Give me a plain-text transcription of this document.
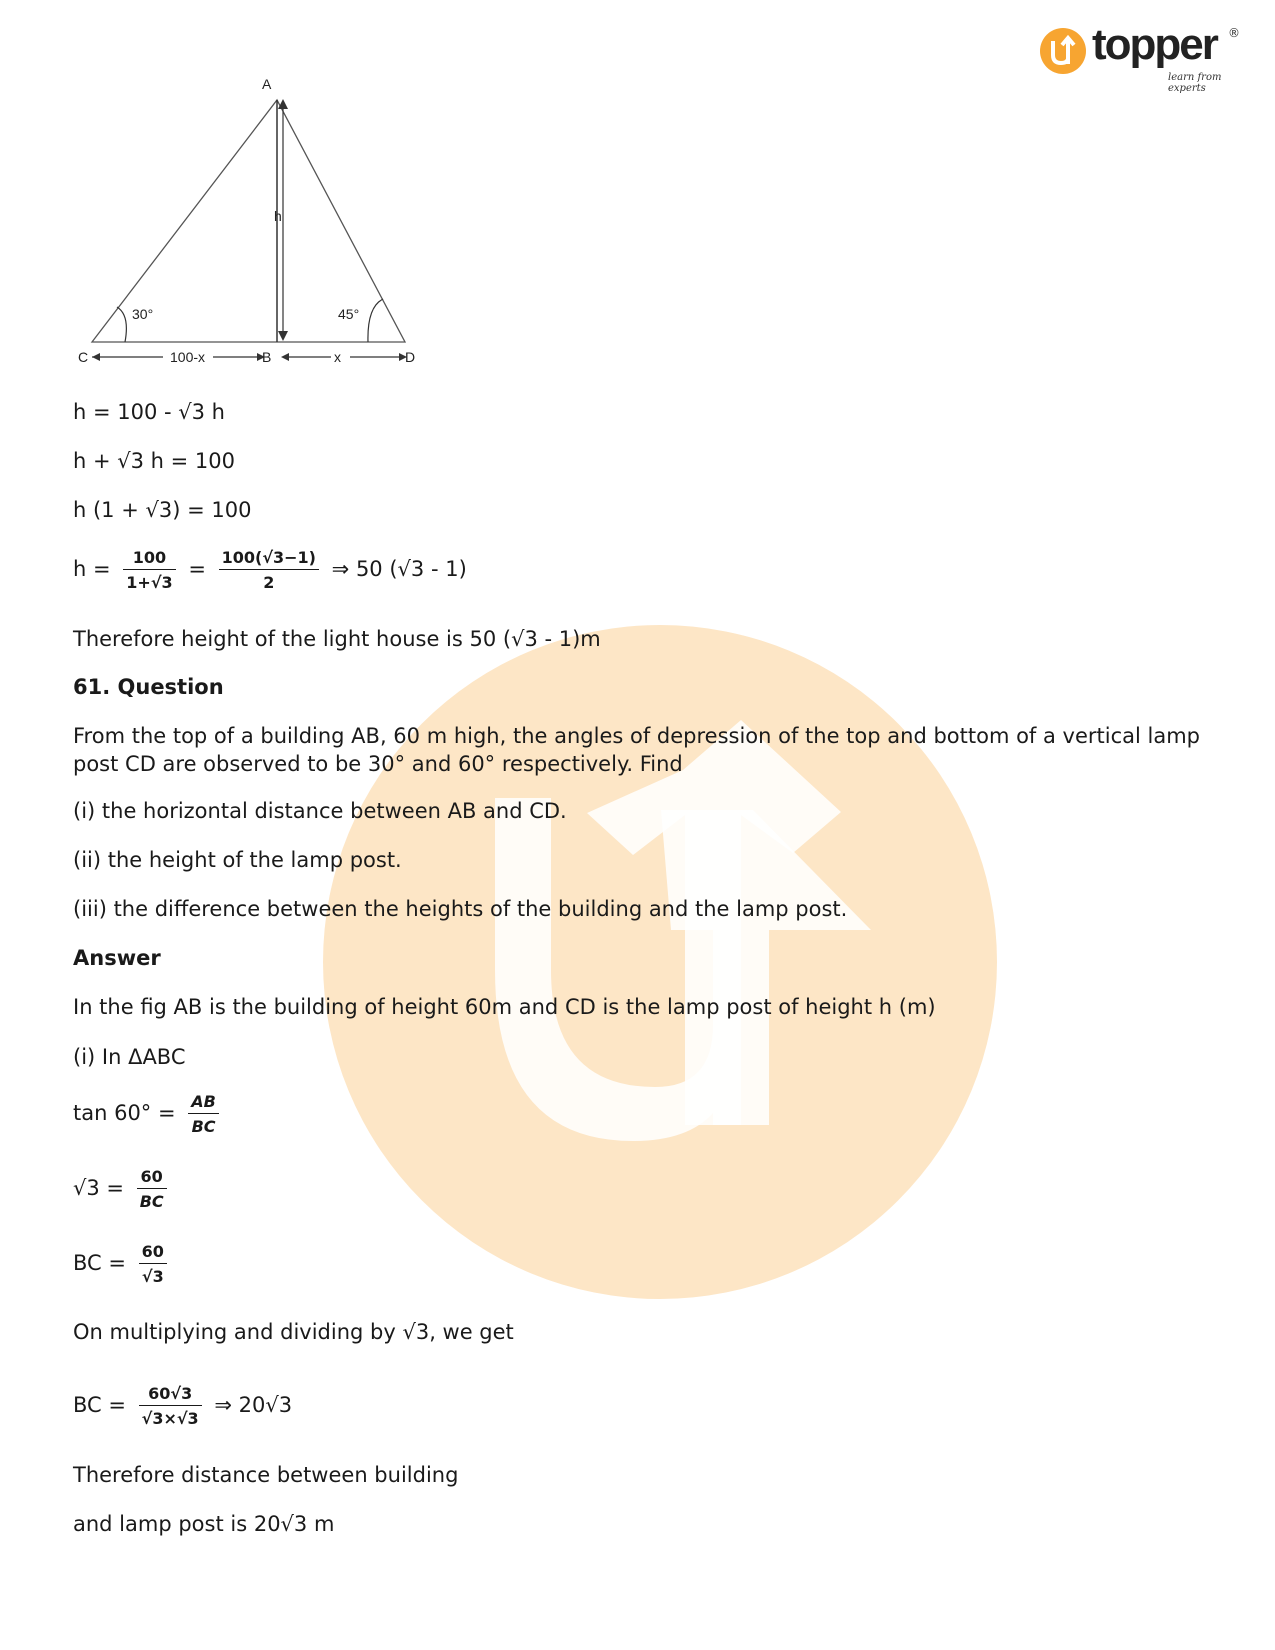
topper ®
learn from experts
A
h
C	B	D
30°	45°
100-x	x

h = 100 - √3 h

h + √3 h = 100

h (1 + √3) = 100

$h = \frac{100}{1+√3} = \frac{100(√3-1)}{2}$ ⇒ 50 (√3 - 1)

Therefore height of the light house is 50 (√3 - 1)m

61. Question

From the top of a building AB, 60 m high, the angles of depression of the top and bottom of a vertical lamp post CD are observed to be 30° and 60° respectively. Find

(i) the horizontal distance between AB and CD.

(ii) the height of the lamp post.

(iii) the difference between the heights of the building and the lamp post.

Answer

In the fig AB is the building of height 60m and CD is the lamp post of height h (m)

(i) In ΔABC

$\tan 60^\circ = \frac{AB}{BC}$
$√3 = \frac{60}{BC}$
BC = $\frac{60}{√3}$

On multiplying and dividing by √3, we get

BC = $\frac{60√3}{√3\times√3}$ ⇒ 20√3

Therefore distance between building

and lamp post is 20√3 m
